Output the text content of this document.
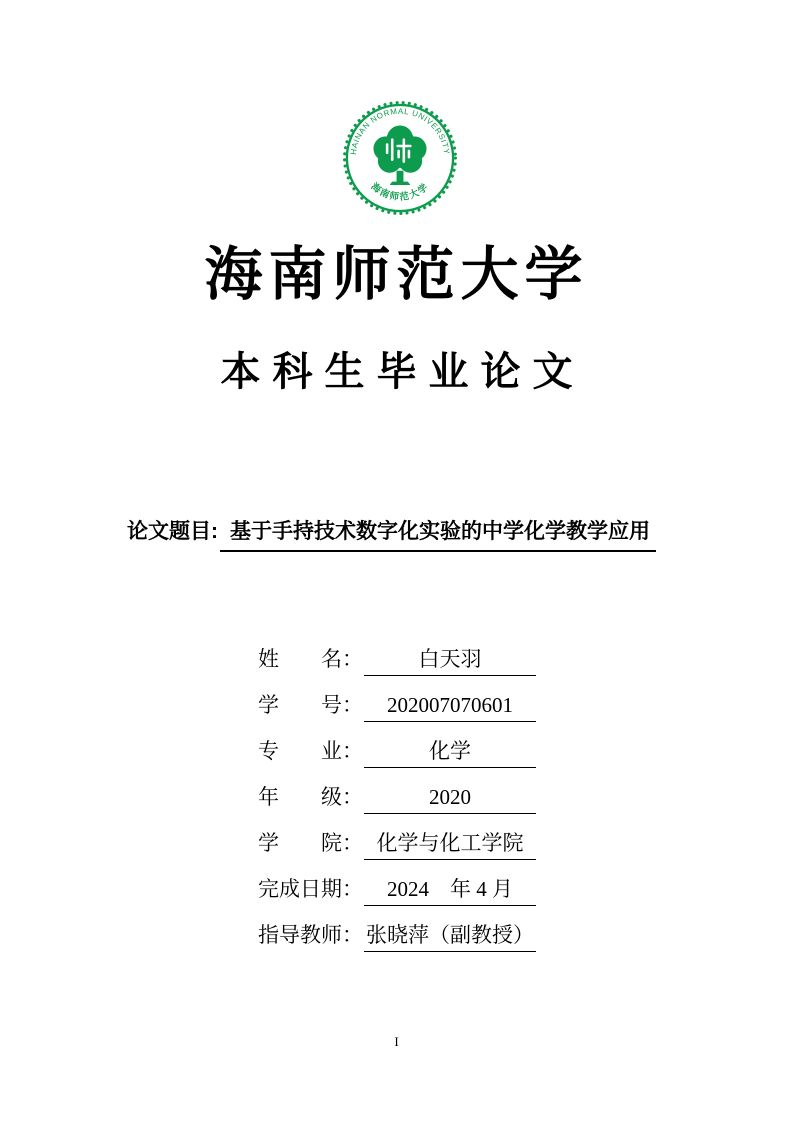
HAINAN NORMAL UNIVERSITY
海南师范大学
海南师范大学
本科生毕业论文
论文题目: 基于手持技术数字化实验的中学化学教学应用
姓　　名：	白天羽
学　　号：	202007070601
专　　业：	化学
年　　级：	2020
学　　院： 化学与化工学院
完成日期：	2024　年 4 月
指导教师： 张晓萍（副教授）
I
